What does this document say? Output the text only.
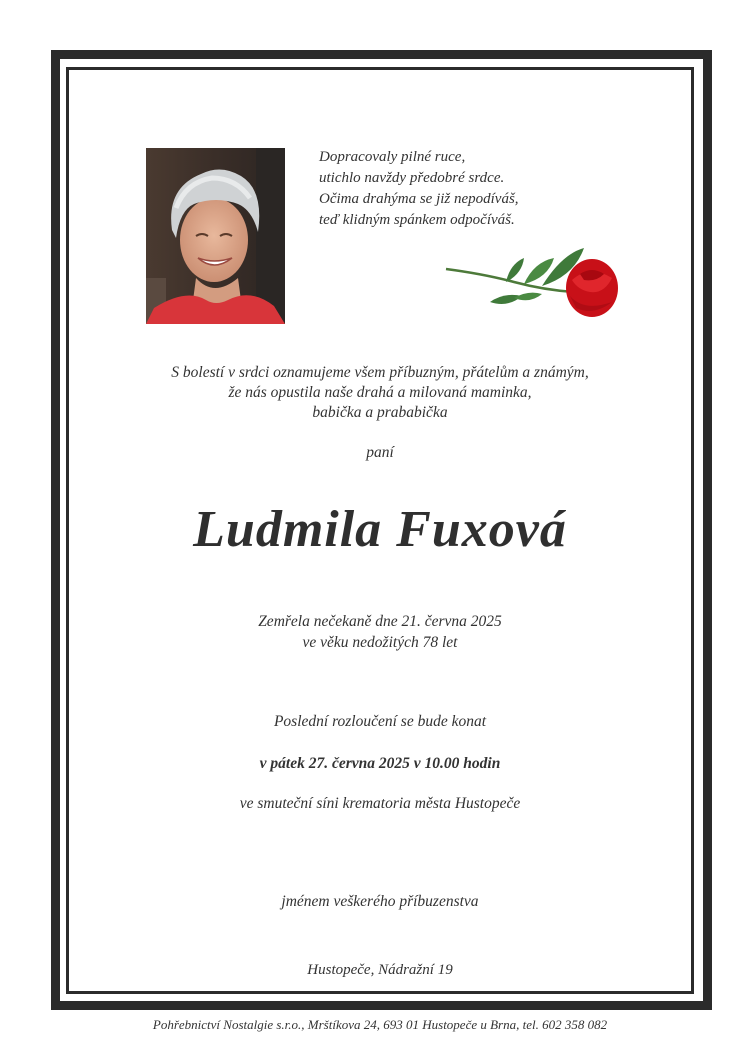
Dopracovaly pilné ruce,
utichlo navždy předobré srdce.
Očima drahýma se již nepodíváš,
teď klidným spánkem odpočíváš.
S bolestí v srdci oznamujeme všem příbuzným, přátelům a známým,
že nás opustila naše drahá a milovaná maminka,
babička a prababička
paní
Ludmila Fuxová
Zemřela nečekaně dne 21. června 2025
ve věku nedožitých 78 let
Poslední rozloučení se bude konat
v pátek 27. června 2025 v 10.00 hodin
ve smuteční síni krematoria města Hustopeče
jménem veškerého příbuzenstva
Hustopeče, Nádražní 19
Pohřebnictví Nostalgie s.r.o., Mrštíkova 24, 693 01 Hustopeče u Brna, tel. 602 358 082
